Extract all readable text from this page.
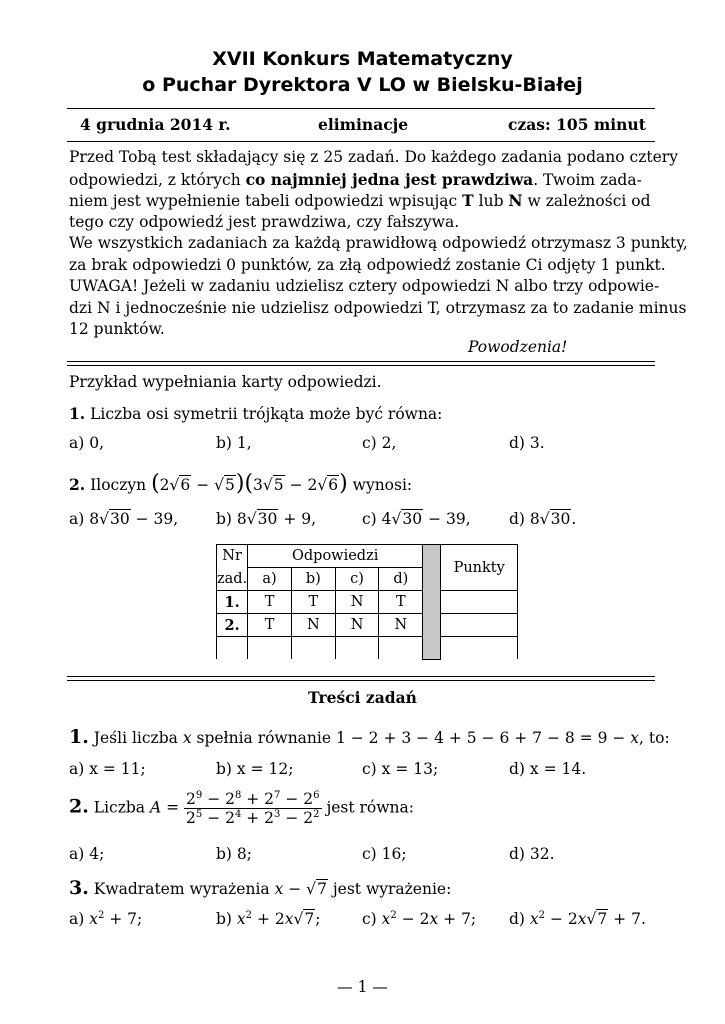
XVII Konkurs Matematyczny
o Puchar Dyrektora V LO w Bielsku-Białej
4 grudnia 2014 r.	eliminacje	czas: 105 minut
Przed Tobą test składający się z 25 zadań. Do każdego zadania podano cztery
odpowiedzi, z których co najmniej jedna jest prawdziwa. Twoim zada-
niem jest wypełnienie tabeli odpowiedzi wpisując T lub N w zależności od
tego czy odpowiedź jest prawdziwa, czy fałszywa.
We wszystkich zadaniach za każdą prawidłową odpowiedź otrzymasz 3 punkty,
za brak odpowiedzi 0 punktów, za złą odpowiedź zostanie Ci odjęty 1 punkt.
UWAGA! Jeżeli w zadaniu udzielisz cztery odpowiedzi N albo trzy odpowie-
dzi N i jednocześnie nie udzielisz odpowiedzi T, otrzymasz za to zadanie minus
12 punktów.
Powodzenia!
Przykład wypełniania karty odpowiedzi.
1. Liczba osi symetrii trójkąta może być równa:
a) 0,	b) 1,	c) 2,	d) 3.
2. Iloczyn (2√6 − √5)(3√5 − 2√6) wynosi:
a) 8√30 − 39, b) 8√30 + 9,	c) 4√30 − 39, d) 8√30.
Nr	Odpowiedzi					Punkty
zad.	a)	b)	c)	d)		
1.	T	T	N	T		
2.	T	N	N	N		

Treści zadań
1. Jeśli liczba x spełnia równanie 1 − 2 + 3 − 4 + 5 − 6 + 7 − 8 = 9 − x, to:
a) x = 11;	b) x = 12;	c) x = 13;	d) x = 14.
2. Liczba $A = \frac{2^9 - 2^8 + 2^7 - 2^6}{2^5 - 2^4 + 2^3 - 2^2}$ jest równa:
a) 4;	b) 8;	c) 16;	d) 32.
3. Kwadratem wyrażenia x − √7 jest wyrażenie:
a) $x^2 + 7$;	b) $x^2 + 2x√7$;	c) $x^2 - 2x + 7$; d) $x^2 - 2x√7 + 7$.
— 1 —
